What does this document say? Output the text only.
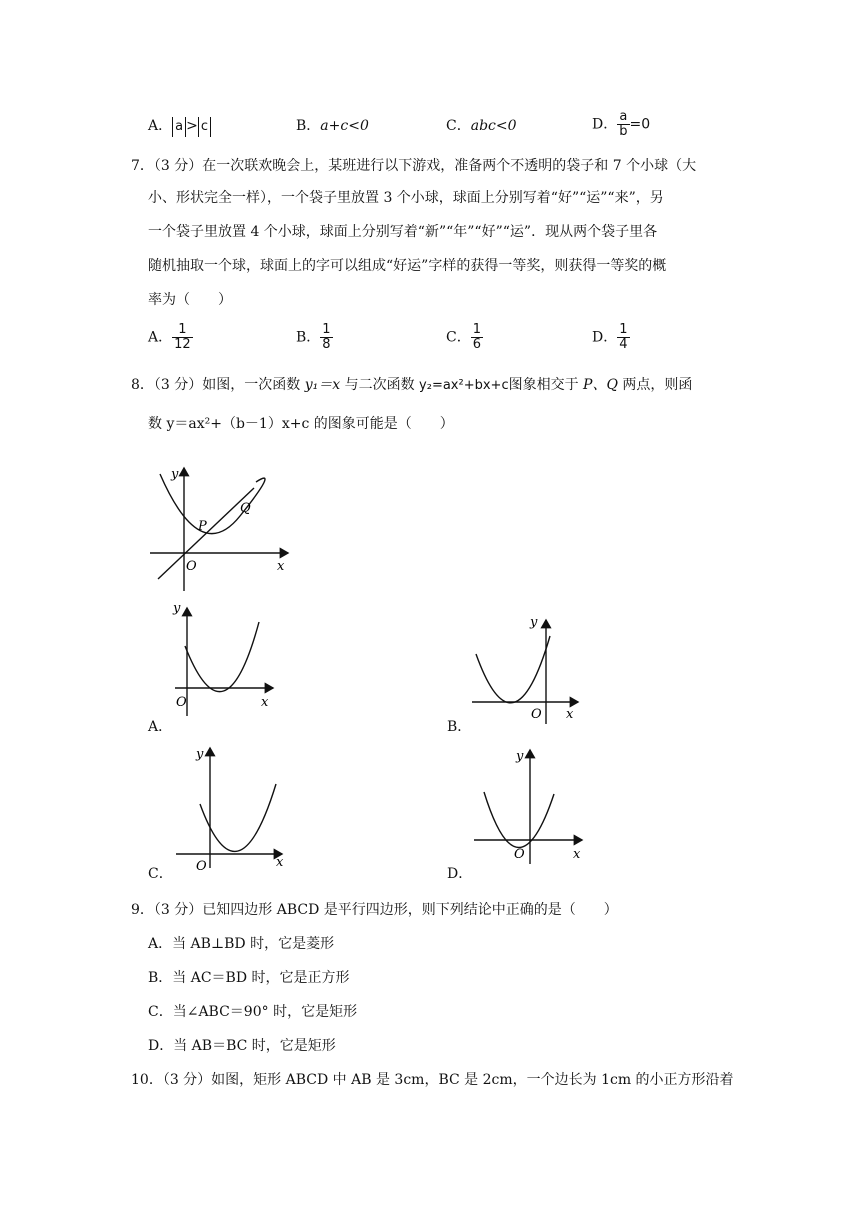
A． a > c	B．a+c<0	C．abc<0	D． $\frac{a}{b} =0$
7．（3 分）在一次联欢晚会上，某班进行以下游戏，准备两个不透明的袋子和 7 个小球（大
小、形状完全一样），一个袋子里放置 3 个小球，球面上分别写着“好”“运”“来”，另
一个袋子里放置 4 个小球，球面上分别写着“新”“年”“好”“运”．现从两个袋子里各
随机抽取一个球，球面上的字可以组成“好运”字样的获得一等奖，则获得一等奖的概
率为（　　）
A． $\frac{1}{12}$	B． $\frac{1}{8}$	C． $\frac{1}{6}$	D． $\frac{1}{4}$
8．（3 分）如图，一次函数 y₁＝x 与二次函数 y₂=ax²+bx+c图象相交于 P、Q 两点，则函
数 y＝ax²+（b－1）x+c 的图象可能是（　　）
y
x
O
P
Q
y
x
O
A．
y
x
O
B．
y
x
O
C．
y
x
O
D．
9．（3 分）已知四边形 ABCD 是平行四边形，则下列结论中正确的是（　　）
A．当 AB⊥BD 时，它是菱形
B．当 AC＝BD 时，它是正方形
C．当∠ABC＝90° 时，它是矩形
D．当 AB＝BC 时，它是矩形
10．（3 分）如图，矩形 ABCD 中 AB 是 3cm，BC 是 2cm，一个边长为 1cm 的小正方形沿着
